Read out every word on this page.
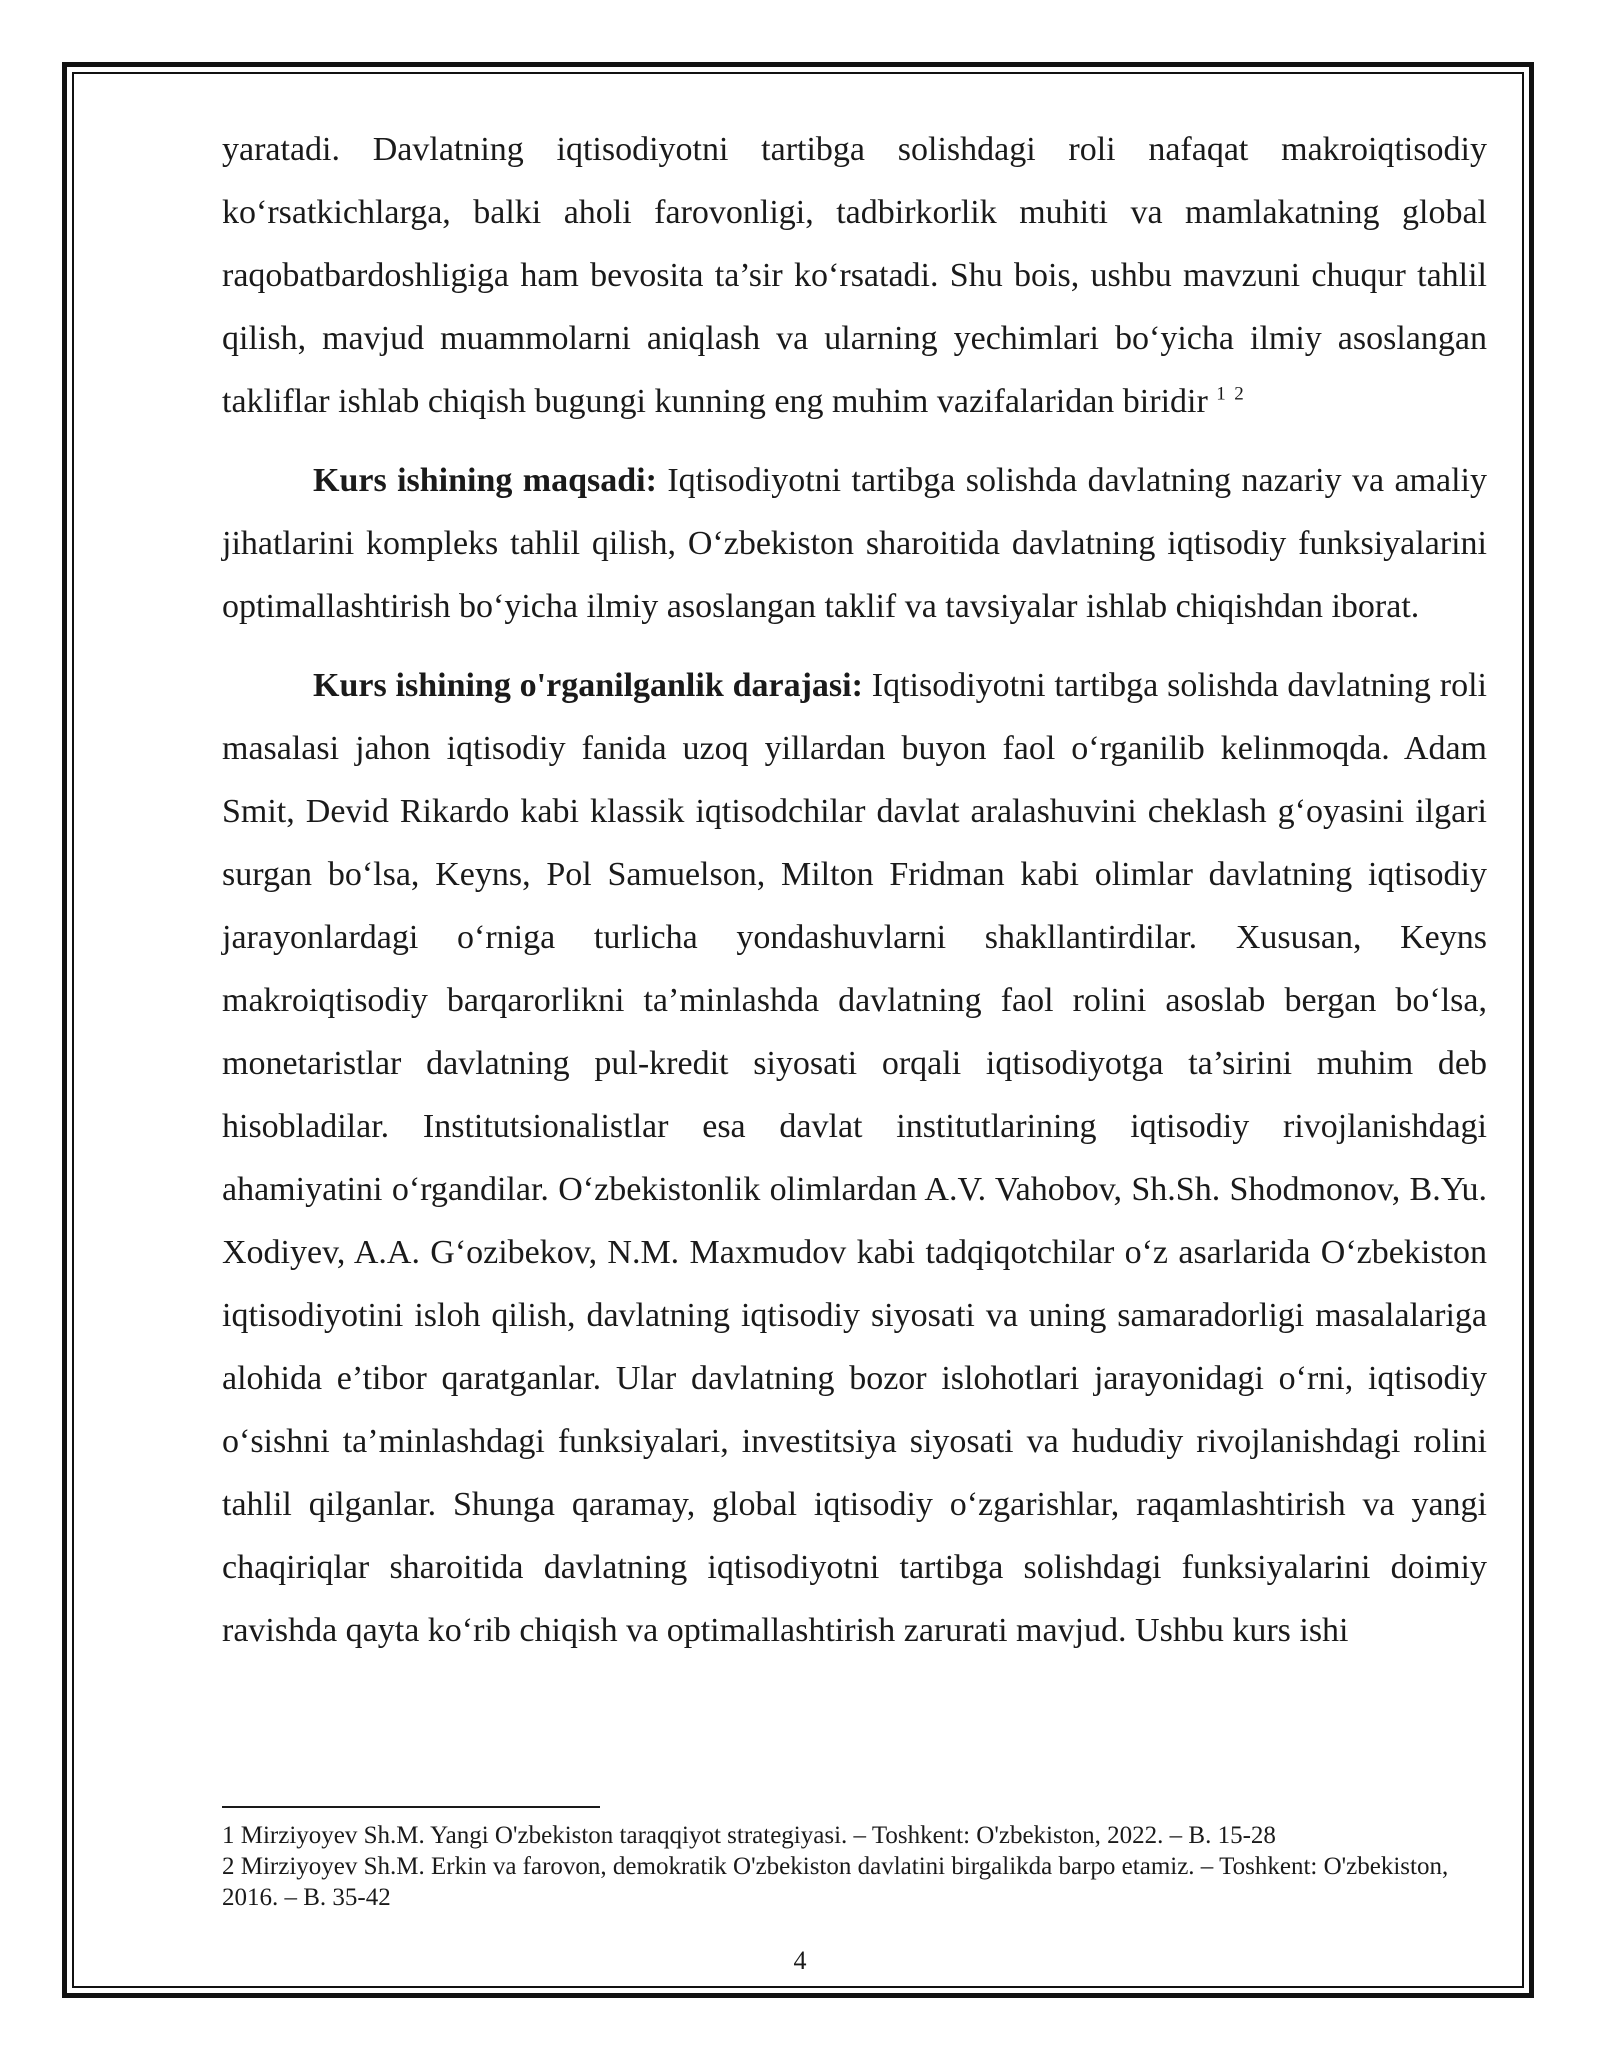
yaratadi. Davlatning iqtisodiyotni tartibga solishdagi roli nafaqat makroiqtisodiy ko‘rsatkichlarga, balki aholi farovonligi, tadbirkorlik muhiti va mamlakatning global raqobatbardoshligiga ham bevosita ta’sir ko‘rsatadi. Shu bois, ushbu mavzuni chuqur tahlil qilish, mavjud muammolarni aniqlash va ularning yechimlari bo‘yicha ilmiy asoslangan takliflar ishlab chiqish bugungi kunning eng muhim vazifalaridan biridir $^1$ $^2$

Kurs ishining maqsadi: Iqtisodiyotni tartibga solishda davlatning nazariy va amaliy jihatlarini kompleks tahlil qilish, O‘zbekiston sharoitida davlatning iqtisodiy funksiyalarini optimallashtirish bo‘yicha ilmiy asoslangan taklif va tavsiyalar ishlab chiqishdan iborat.

Kurs ishining o'rganilganlik darajasi: Iqtisodiyotni tartibga solishda davlatning roli masalasi jahon iqtisodiy fanida uzoq yillardan buyon faol o‘rganilib kelinmoqda. Adam Smit, Devid Rikardo kabi klassik iqtisodchilar davlat aralashuvini cheklash g‘oyasini ilgari surgan bo‘lsa, Keyns, Pol Samuelson, Milton Fridman kabi olimlar davlatning iqtisodiy jarayonlardagi o‘rniga turlicha yondashuvlarni shakllantirdilar. Xususan, Keyns makroiqtisodiy barqarorlikni ta’minlashda davlatning faol rolini asoslab bergan bo‘lsa, monetaristlar davlatning pul-kredit siyosati orqali iqtisodiyotga ta’sirini muhim deb hisobladilar. Institutsionalistlar esa davlat institutlarining iqtisodiy rivojlanishdagi ahamiyatini o‘rgandilar. O‘zbekistonlik olimlardan A.V. Vahobov, Sh.Sh. Shodmonov, B.Yu. Xodiyev, A.A. G‘ozibekov, N.M. Maxmudov kabi tadqiqotchilar o‘z asarlarida O‘zbekiston iqtisodiyotini isloh qilish, davlatning iqtisodiy siyosati va uning samaradorligi masalalariga alohida e’tibor qaratganlar. Ular davlatning bozor islohotlari jarayonidagi o‘rni, iqtisodiy o‘sishni ta’minlashdagi funksiyalari, investitsiya siyosati va hududiy rivojlanishdagi rolini tahlil qilganlar. Shunga qaramay, global iqtisodiy o‘zgarishlar, raqamlashtirish va yangi chaqiriqlar sharoitida davlatning iqtisodiyotni tartibga solishdagi funksiyalarini doimiy ravishda qayta ko‘rib chiqish va optimallashtirish zarurati mavjud. Ushbu kurs ishi

1 Mirziyoyev Sh.M. Yangi O'zbekiston taraqqiyot strategiyasi. – Toshkent: O'zbekiston, 2022. – B. 15-28

2 Mirziyoyev Sh.M. Erkin va farovon, demokratik O'zbekiston davlatini birgalikda barpo etamiz. – Toshkent: O'zbekiston, 2016. – B. 35-42

4
